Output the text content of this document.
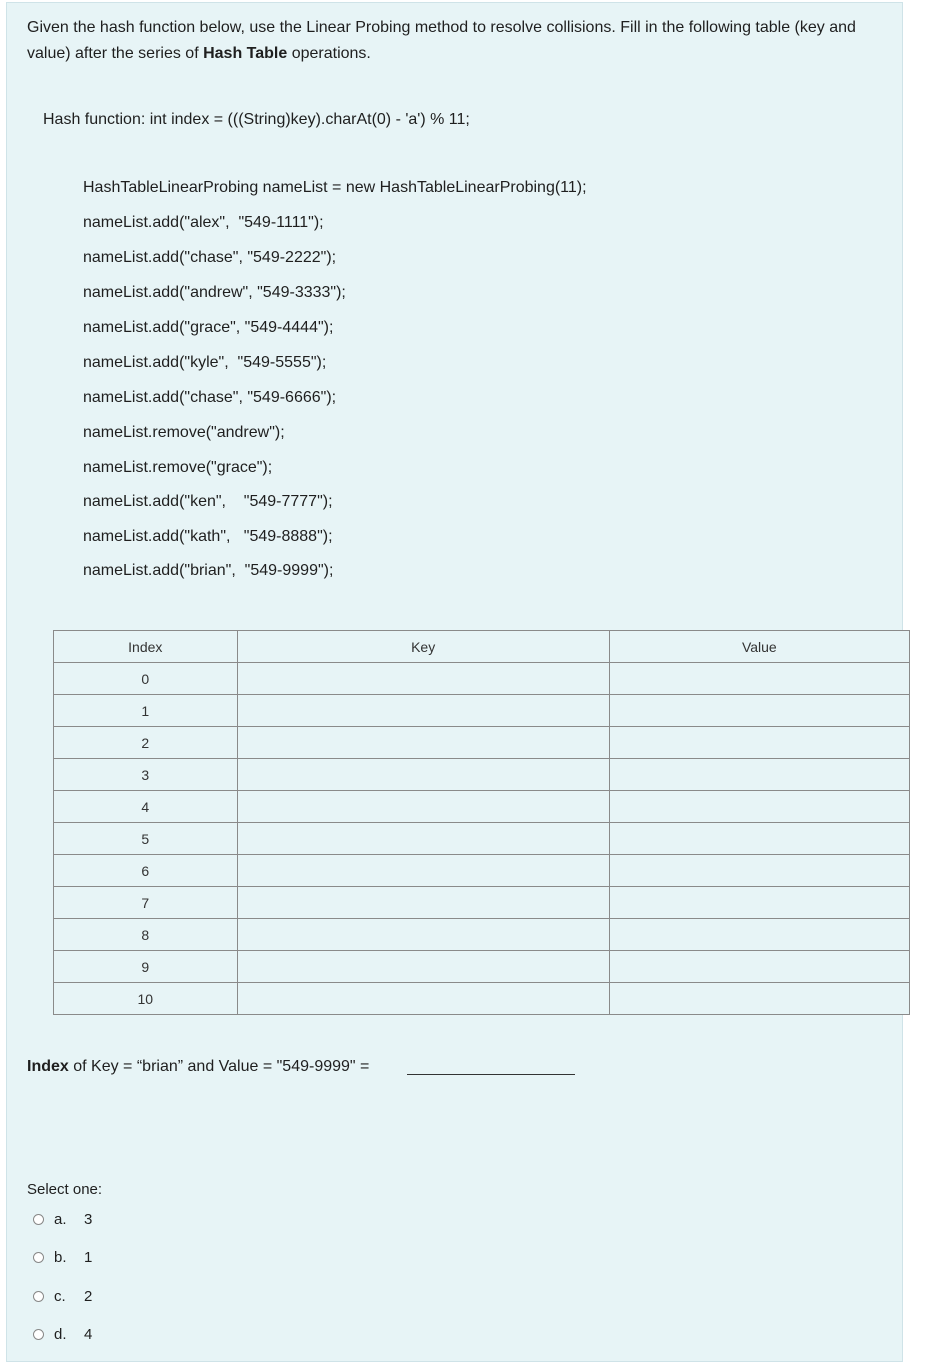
Given the hash function below, use the Linear Probing method to resolve collisions. Fill in the following table (key and value) after the series of Hash Table operations.
Hash function: int index = (((String)key).charAt(0) - 'a') % 11;
HashTableLinearProbing nameList = new HashTableLinearProbing(11);
nameList.add("alex",  "549-1111");
nameList.add("chase", "549-2222");
nameList.add("andrew", "549-3333");
nameList.add("grace", "549-4444");
nameList.add("kyle",  "549-5555");
nameList.add("chase", "549-6666");
nameList.remove("andrew");
nameList.remove("grace");
nameList.add("ken",    "549-7777");
nameList.add("kath",   "549-8888");
nameList.add("brian",  "549-9999");
Index	Key	Value
0		
1		
2		
3		
4		
5		
6		
7		
8		
9		
10		
Index of Key = “brian” and Value = "549-9999" =
Select one:
a.	3
b.	1
c.	2
d.	4
